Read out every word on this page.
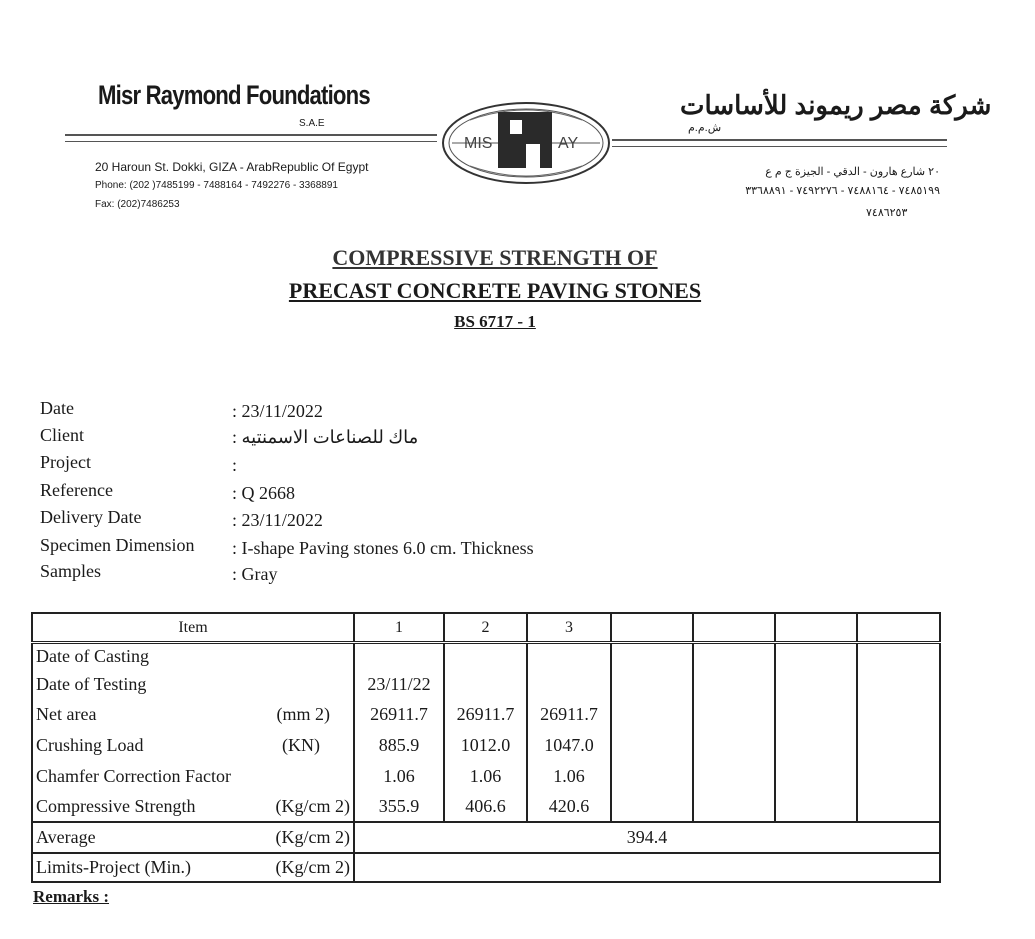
Misr Raymond Foundations
S.A.E
شركة مصر ريموند للأساسات
ش.م.م
MIS	AY
20 Haroun St. Dokki, GIZA - ArabRepublic Of Egypt
Phone: (202 )7485199 - 7488164 - 7492276 - 3368891
Fax: (202)7486253
٢٠ شارع هارون - الدقي - الجيزة ج م ع
٧٤٨٥١٩٩ - ٧٤٨٨١٦٤ - ٧٤٩٢٢٧٦ - ٣٣٦٨٨٩١
٧٤٨٦٢٥٣
COMPRESSIVE STRENGTH OF
PRECAST CONCRETE PAVING STONES
BS 6717 - 1
Date	: 23/11/2022
Client	ماك للصناعات الاسمنتيه :
Project	:
Reference	: Q 2668
Delivery Date	: 23/11/2022
Specimen Dimension : I-shape Paving stones 6.0 cm. Thickness
Samples	: Gray
Item	1	2	3				

Date of Casting							

Date of Testing	23/11/22						

Net area (mm 2)	26911.7	26911.7	26911.7				

Crushing Load (KN)	885.9	1012.0	1047.0				

Chamfer Correction Factor	1.06	1.06	1.06				

Compressive Strength (Kg/cm 2)	355.9	406.6	420.6				

Average (Kg/cm 2)	394.4						

Limits-Project (Min.) (Kg/cm 2)							

Remarks :
